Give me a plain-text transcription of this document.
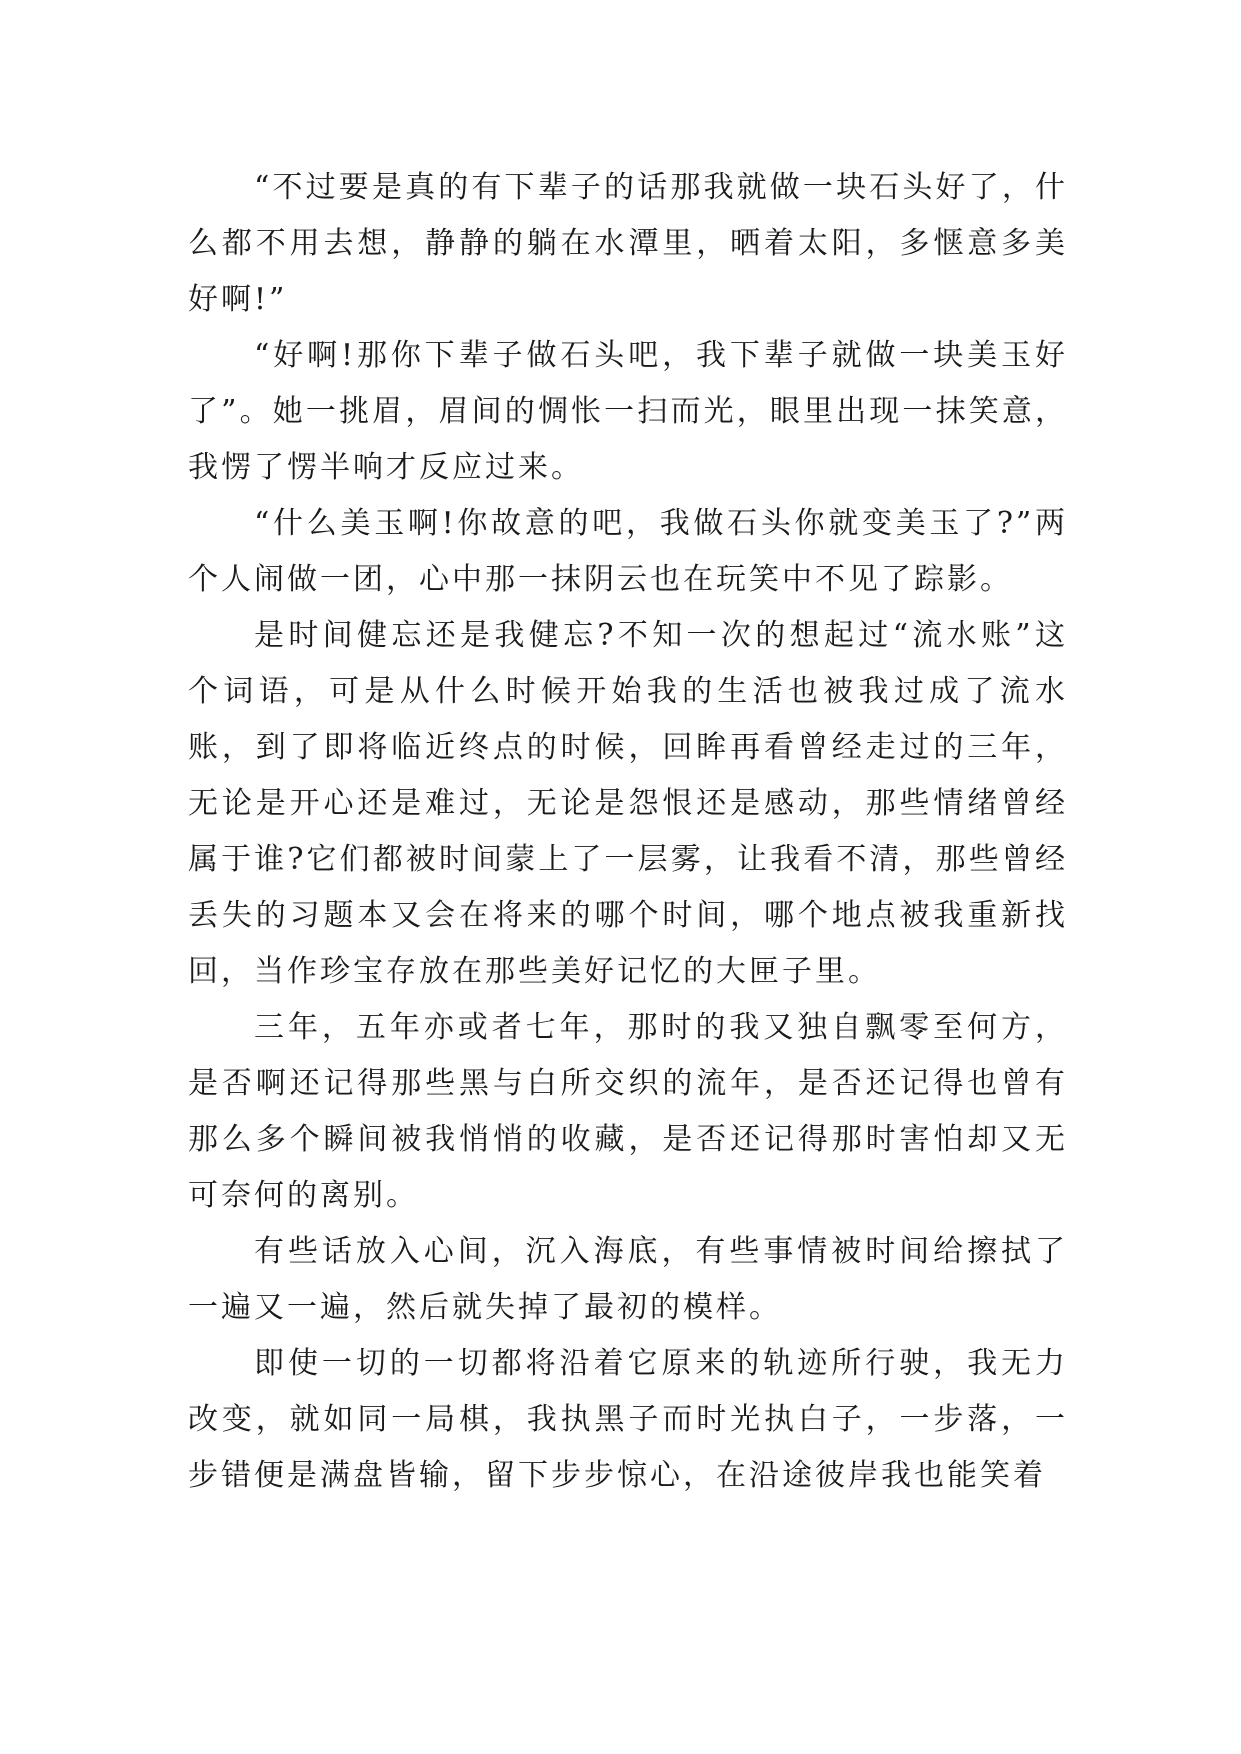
“不过要是真的有下辈子的话那我就做一块石头好了，什么都不用去想，静静的躺在水潭里，晒着太阳，多惬意多美好啊!”

“好啊!那你下辈子做石头吧，我下辈子就做一块美玉好了”。她一挑眉，眉间的惆怅一扫而光，眼里出现一抹笑意，我愣了愣半响才反应过来。

“什么美玉啊!你故意的吧，我做石头你就变美玉了?”两个人闹做一团，心中那一抹阴云也在玩笑中不见了踪影。

是时间健忘还是我健忘?不知一次的想起过“流水账”这个词语，可是从什么时候开始我的生活也被我过成了流水账，到了即将临近终点的时候，回眸再看曾经走过的三年，无论是开心还是难过，无论是怨恨还是感动，那些情绪曾经属于谁?它们都被时间蒙上了一层雾，让我看不清，那些曾经丢失的习题本又会在将来的哪个时间，哪个地点被我重新找回，当作珍宝存放在那些美好记忆的大匣子里。

三年，五年亦或者七年，那时的我又独自飘零至何方，是否啊还记得那些黑与白所交织的流年，是否还记得也曾有那么多个瞬间被我悄悄的收藏，是否还记得那时害怕却又无可奈何的离别。

有些话放入心间，沉入海底，有些事情被时间给擦拭了一遍又一遍，然后就失掉了最初的模样。

即使一切的一切都将沿着它原来的轨迹所行驶，我无力改变，就如同一局棋，我执黑子而时光执白子，一步落，一步错便是满盘皆输，留下步步惊心，在沿途彼岸我也能笑着
